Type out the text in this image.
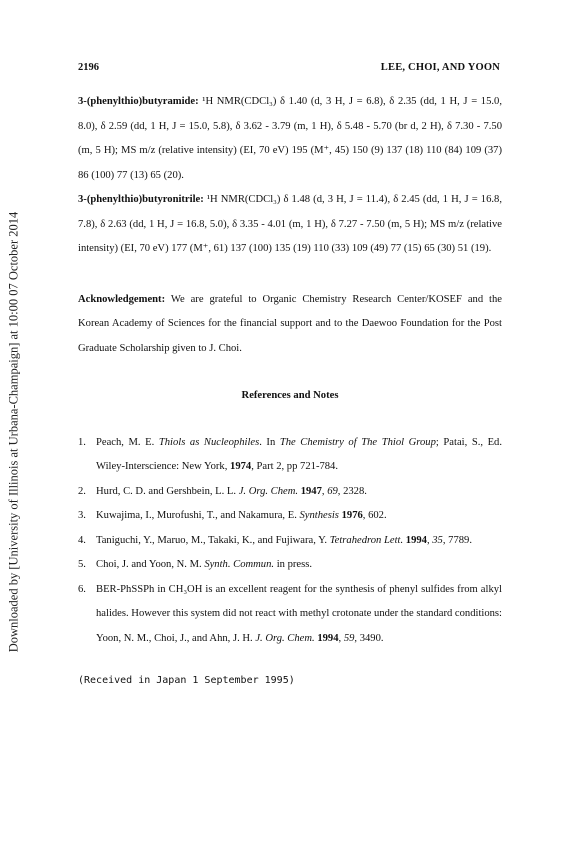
Downloaded by [University of Illinois at Urbana-Champaign] at 10:00 07 October 2014
2196	LEE, CHOI, AND YOON

3-(phenylthio)butyramide: ¹H NMR(CDCl₃) δ 1.40 (d, 3 H, J = 6.8), δ 2.35 (dd, 1 H, J = 15.0, 8.0), δ 2.59 (dd, 1 H, J = 15.0, 5.8), δ 3.62 - 3.79 (m, 1 H), δ 5.48 - 5.70 (br d, 2 H), δ 7.30 - 7.50 (m, 5 H); MS m/z (relative intensity) (EI, 70 eV) 195 (M⁺, 45) 150 (9) 137 (18) 110 (84) 109 (37) 86 (100) 77 (13) 65 (20).

3-(phenylthio)butyronitrile: ¹H NMR(CDCl₃) δ 1.48 (d, 3 H, J = 11.4), δ 2.45 (dd, 1 H, J = 16.8, 7.8), δ 2.63 (dd, 1 H, J = 16.8, 5.0), δ 3.35 - 4.01 (m, 1 H), δ 7.27 - 7.50 (m, 5 H); MS m/z (relative intensity) (EI, 70 eV) 177 (M⁺, 61) 137 (100) 135 (19) 110 (33) 109 (49) 77 (15) 65 (30) 51 (19).

Acknowledgement: We are grateful to Organic Chemistry Research Center/KOSEF and the Korean Academy of Sciences for the financial support and to the Daewoo Foundation for the Post Graduate Scholarship given to J. Choi.

References and Notes

1. Peach, M. E. Thiols as Nucleophiles. In The Chemistry of The Thiol Group; Patai, S., Ed. Wiley-Interscience: New York, 1974, Part 2, pp 721-784.
2. Hurd, C. D. and Gershbein, L. L. J. Org. Chem. 1947, 69, 2328.
3. Kuwajima, I., Murofushi, T., and Nakamura, E. Synthesis 1976, 602.
4. Taniguchi, Y., Maruo, M., Takaki, K., and Fujiwara, Y. Tetrahedron Lett. 1994, 35, 7789.
5. Choi, J. and Yoon, N. M. Synth. Commun. in press.
6. BER-PhSSPh in CH₃OH is an excellent reagent for the synthesis of phenyl sulfides from alkyl halides. However this system did not react with methyl crotonate under the standard conditions: Yoon, N. M., Choi, J., and Ahn, J. H. J. Org. Chem. 1994, 59, 3490.

(Received in Japan 1 September 1995)
